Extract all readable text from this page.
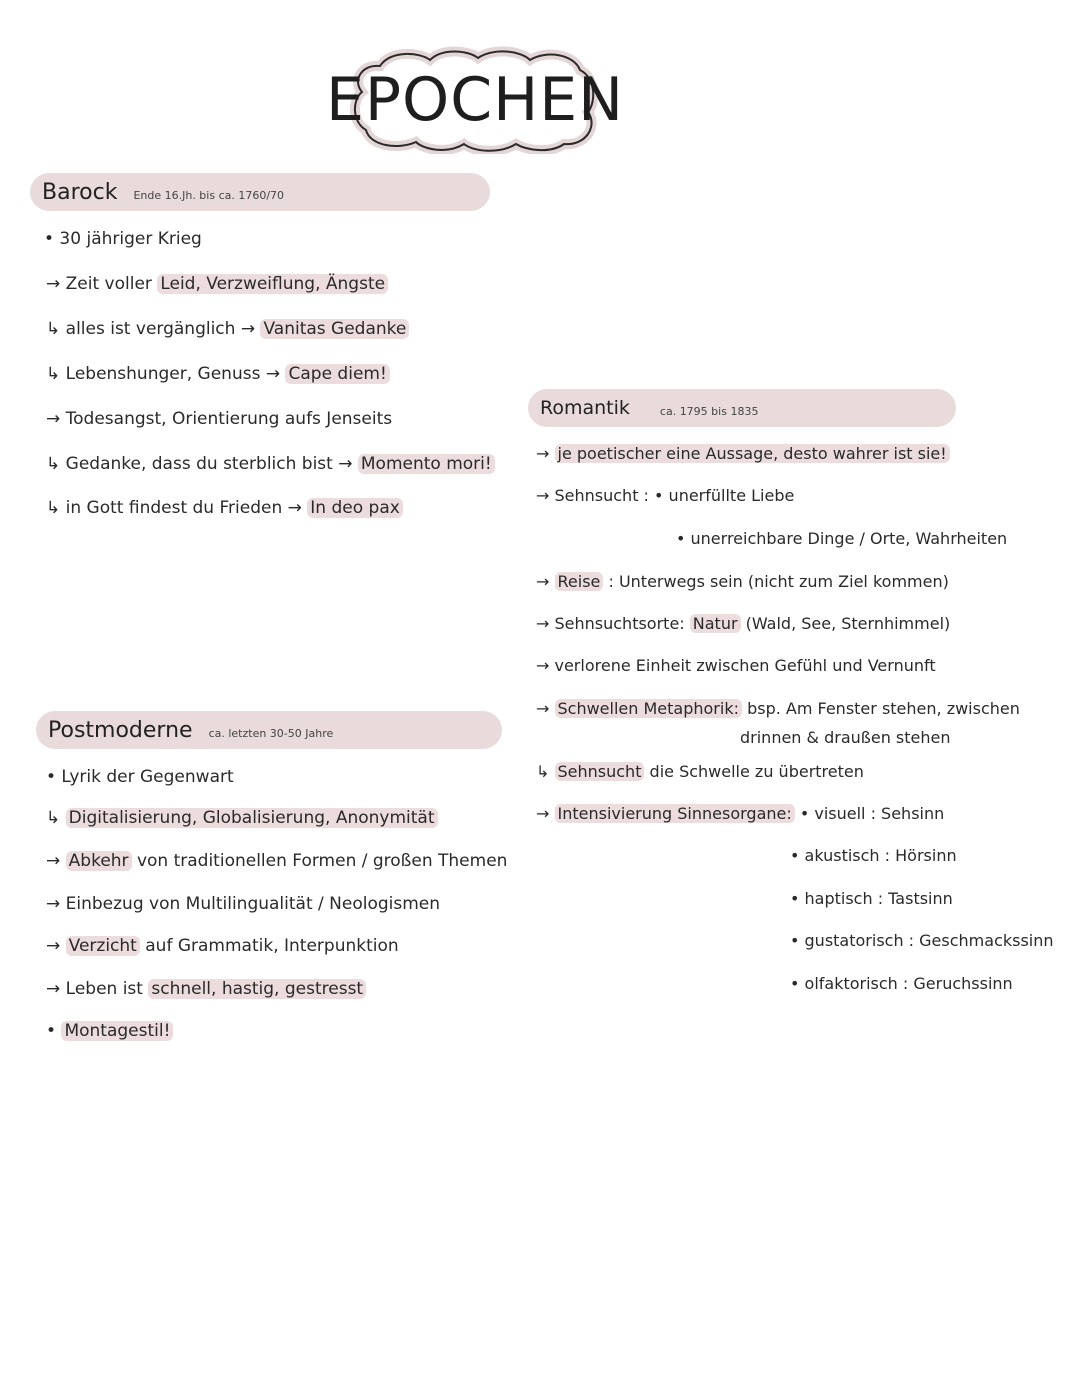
EPOCHEN
Barock Ende 16.Jh. bis ca. 1760/70
• 30 jähriger Krieg
→ Zeit voller Leid, Verzweiflung, Ängste
↳ alles ist vergänglich → Vanitas Gedanke
↳ Lebenshunger, Genuss → Cape diem!
→ Todesangst, Orientierung aufs Jenseits
↳ Gedanke, dass du sterblich bist → Momento mori!
↳ in Gott findest du Frieden → In deo pax
Romantik	ca. 1795 bis 1835
→ je poetischer eine Aussage, desto wahrer ist sie!
→ Sehnsucht : • unerfüllte Liebe
• unerreichbare Dinge / Orte, Wahrheiten
→ Reise : Unterwegs sein (nicht zum Ziel kommen)
→ Sehnsuchtsorte: Natur (Wald, See, Sternhimmel)
→ verlorene Einheit zwischen Gefühl und Vernunft
→ Schwellen Metaphorik: bsp. Am Fenster stehen, zwischen
drinnen & draußen stehen
↳ Sehnsucht die Schwelle zu übertreten
→ Intensivierung Sinnesorgane: • visuell : Sehsinn
• akustisch : Hörsinn
• haptisch : Tastsinn
• gustatorisch : Geschmackssinn
• olfaktorisch : Geruchssinn
Postmoderne ca. letzten 30-50 Jahre
• Lyrik der Gegenwart
↳ Digitalisierung, Globalisierung, Anonymität
→ Abkehr von traditionellen Formen / großen Themen
→ Einbezug von Multilingualität / Neologismen
→ Verzicht auf Grammatik, Interpunktion
→ Leben ist schnell, hastig, gestresst
• Montagestil!
